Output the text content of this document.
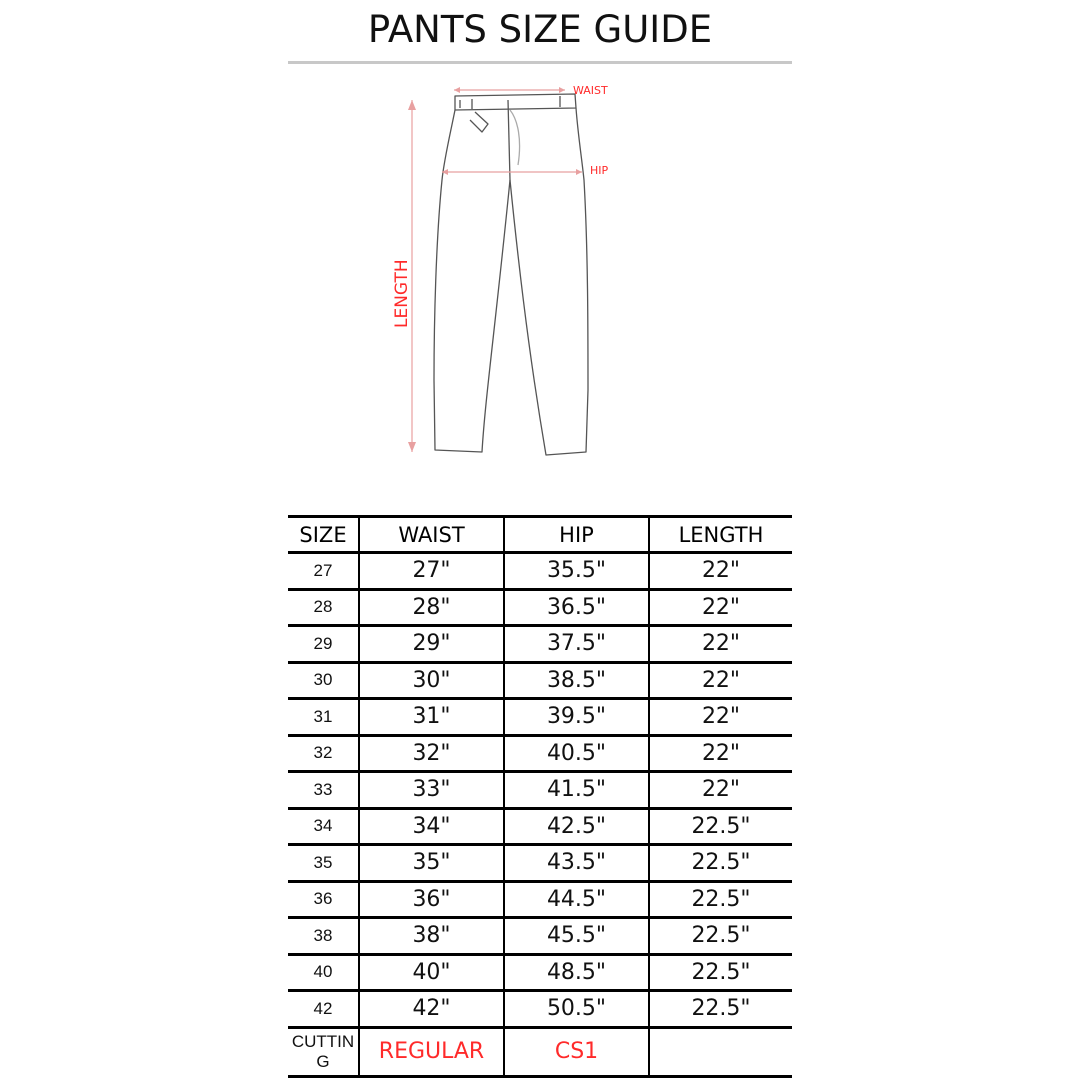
PANTS SIZE GUIDE
WAIST
HIP
LENGTH
SIZE	WAIST	HIP	LENGTH
27	27"	35.5"	22"
28	28"	36.5"	22"
29	29"	37.5"	22"
30	30"	38.5"	22"
31	31"	39.5"	22"
32	32"	40.5"	22"
33	33"	41.5"	22"
34	34"	42.5"	22.5"
35	35"	43.5"	22.5"
36	36"	44.5"	22.5"
38	38"	45.5"	22.5"
40	40"	48.5"	22.5"
42	42"	50.5"	22.5"
CUTTING	REGULAR	CS1	
